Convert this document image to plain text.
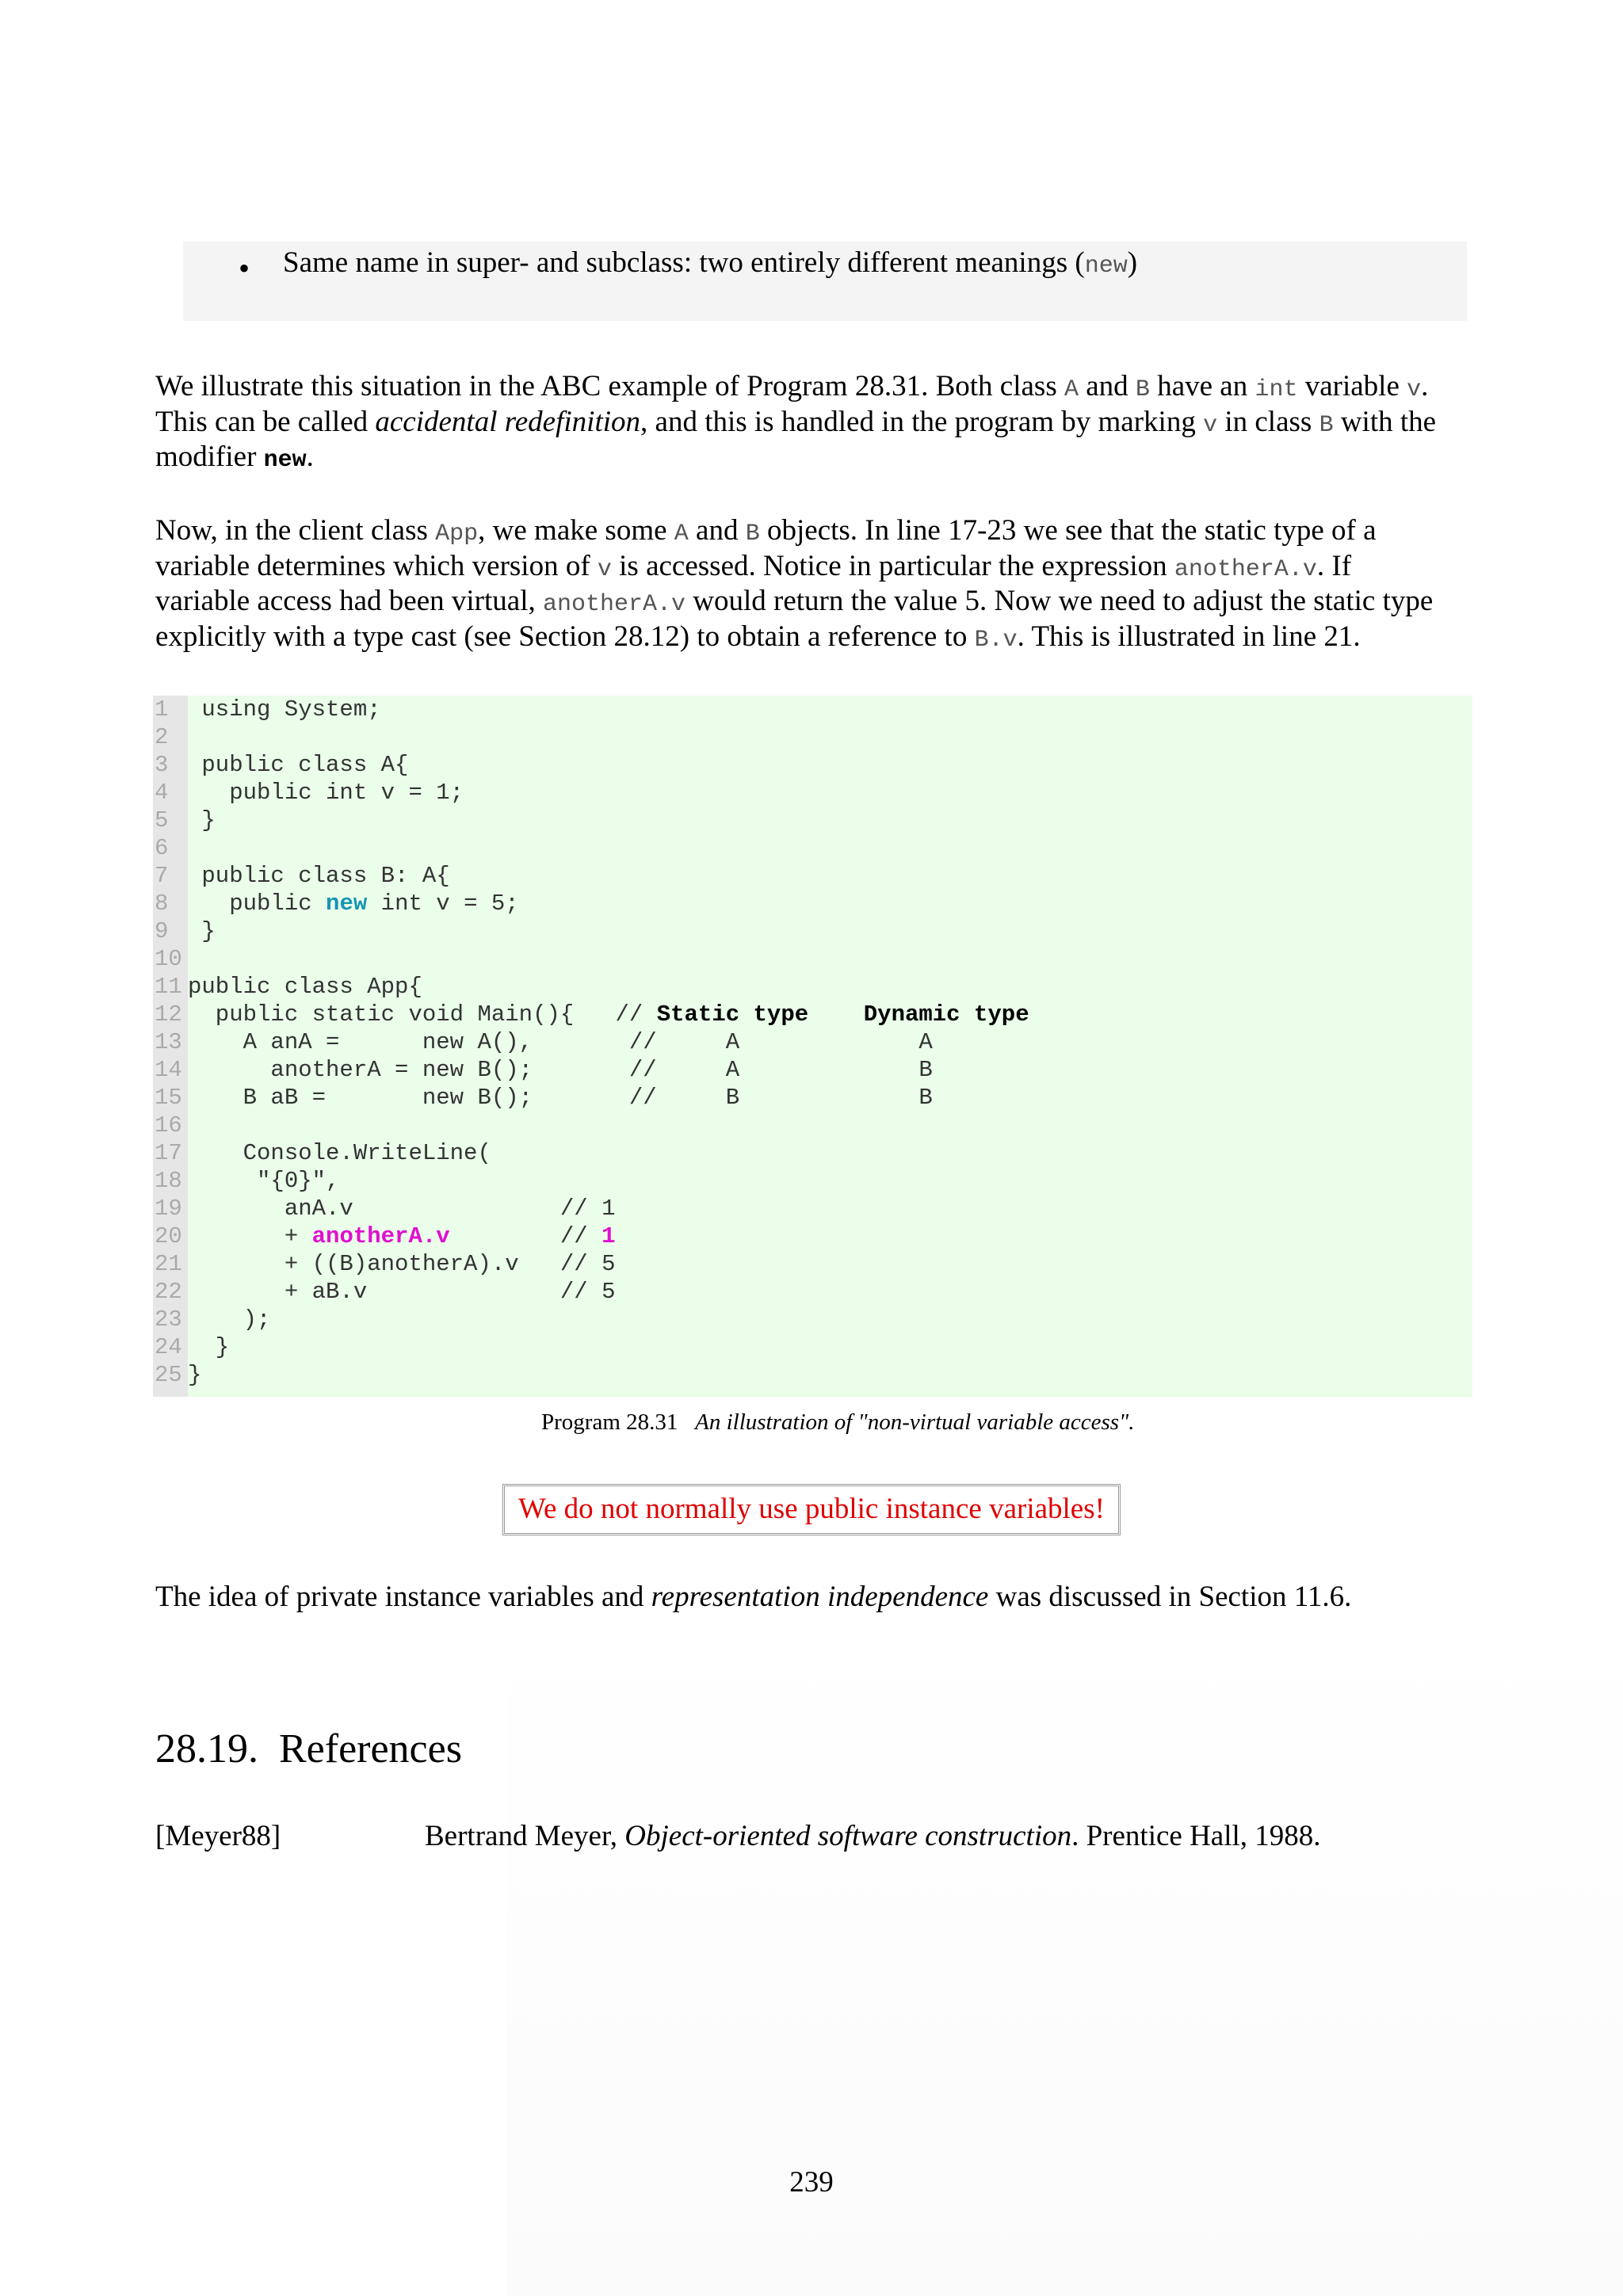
• Same name in super- and subclass: two entirely different meanings (new)
We illustrate this situation in the ABC example of Program 28.31. Both class A and B have an int variable v.
This can be called accidental redefinition, and this is handled in the program by marking v in class B with the
modifier new.
Now, in the client class App, we make some A and B objects. In line 17-23 we see that the static type of a
variable determines which version of v is accessed. Notice in particular the expression anotherA.v. If
variable access had been virtual, anotherA.v would return the value 5. Now we need to adjust the static type
explicitly with a type cast (see Section 28.12) to obtain a reference to B.v. This is illustrated in line 21.
1 using System;
2
3 public class A{
4   public int v = 1;
5 }
6
7 public class B: A{
8   public new int v = 5;
9 }
10
11 public class App{
12  public static void Main(){   // Static type Dynamic type
13    A anA =      new A(),       //     A             A
14      anotherA = new B();       //     A             B
15    B aB =       new B();       //     B             B
16
17    Console.WriteLine(
18     "{0}",
19       anA.v               // 1
20       + anotherA.v        // 1
21       + ((B)anotherA).v   // 5
22       + aB.v              // 5
23    );
24  }
25 }
Program 28.31 An illustration of "non-virtual variable access".
We do not normally use public instance variables!
The idea of private instance variables and representation independence was discussed in Section 11.6.
28.19. References
[Meyer88]	Bertrand Meyer, Object-oriented software construction. Prentice Hall, 1988.
239
